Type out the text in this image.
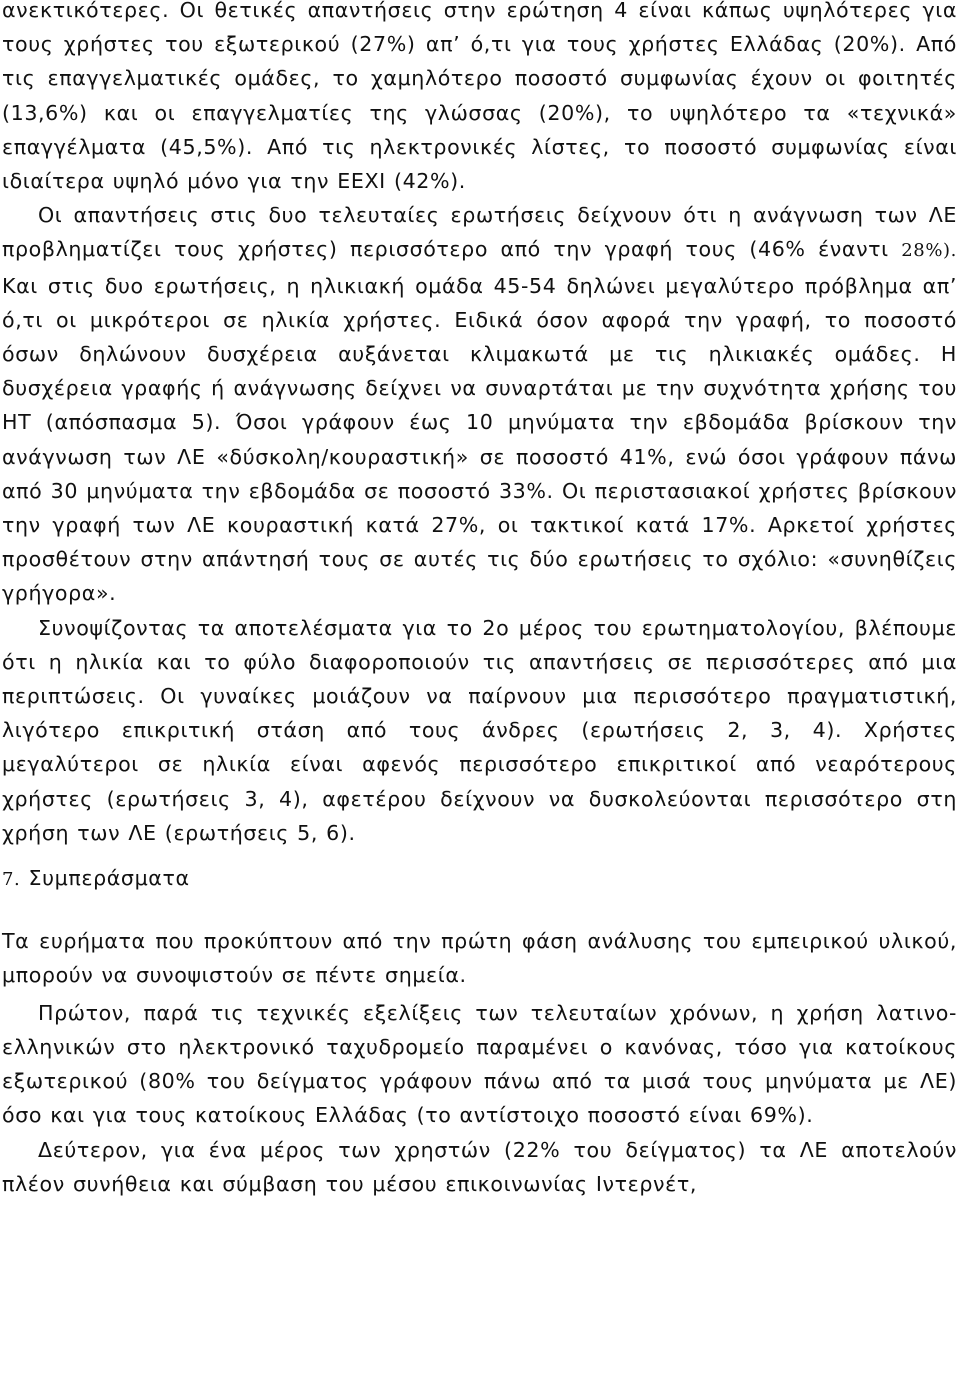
ανεκτικότερες. Οι θετικές απαντήσεις στην ερώτηση 4 είναι κάπως υψηλότερες για τους χρήστες του εξωτερικού (27%) απ’ ό,τι για τους χρήστες Ελλάδας (20%). Από τις επαγγελματικές ομάδες, το χαμηλότερο ποσοστό συμφωνίας έχουν οι φοιτητές (13,6%) και οι επαγγελματίες της γλώσσας (20%), το υψηλότερο τα «τεχνικά» επαγγέλματα (45,5%). Από τις ηλεκτρονικές λίστες, το ποσοστό συμφωνίας είναι ιδιαίτερα υψηλό μόνο για την EEXI (42%).

Οι απαντήσεις στις δυο τελευταίες ερωτήσεις δείχνουν ότι η ανάγνωση των ΛΕ προβληματίζει τους χρήστες) περισσότερο από την γραφή τους (46% έναντι 28%). Και στις δυο ερωτήσεις, η ηλικιακή ομάδα 45-54 δηλώνει μεγαλύτερο πρόβλημα απ’ ό,τι οι μικρότεροι σε ηλικία χρήστες. Ειδικά όσον αφορά την γραφή, το ποσοστό όσων δηλώνουν δυσχέρεια αυξάνεται κλιμακωτά με τις ηλικιακές ομάδες. Η δυσχέρεια γραφής ή ανάγνωσης δείχνει να συναρτάται με την συχνότητα χρήσης του ΗΤ (απόσπασμα 5). Όσοι γράφουν έως 10 μηνύματα την εβδομάδα βρίσκουν την ανάγνωση των ΛΕ «δύσκολη/κουραστική» σε ποσοστό 41%, ενώ όσοι γράφουν πάνω από 30 μηνύματα την εβδομάδα σε ποσοστό 33%. Οι περιστασιακοί χρήστες βρίσκουν την γραφή των ΛΕ κουραστική κατά 27%, οι τακτικοί κατά 17%. Αρκετοί χρήστες προσθέτουν στην απάντησή τους σε αυτές τις δύο ερωτήσεις το σχόλιο: «συνηθίζεις γρήγορα».

Συνοψίζοντας τα αποτελέσματα για το 2ο μέρος του ερωτηματολογίου, βλέπουμε ότι η ηλικία και το φύλο διαφοροποιούν τις απαντήσεις σε περισσότερες από μια περιπτώσεις. Οι γυναίκες μοιάζουν να παίρνουν μια περισσότερο πραγματιστική, λιγότερο επικριτική στάση από τους άνδρες (ερωτήσεις 2, 3, 4). Χρήστες μεγαλύτεροι σε ηλικία είναι αφενός περισσότερο επικριτικοί από νεαρότερους χρήστες (ερωτήσεις 3, 4), αφετέρου δείχνουν να δυσκολεύονται περισσότερο στη χρήση των ΛΕ (ερωτήσεις 5, 6).

7. Συμπεράσματα

Τα ευρήματα που προκύπτουν από την πρώτη φάση ανάλυσης του εμπειρικού υλικού, μπορούν να συνοψιστούν σε πέντε σημεία.

Πρώτον, παρά τις τεχνικές εξελίξεις των τελευταίων χρόνων, η χρήση λατινο-ελληνικών στο ηλεκτρονικό ταχυδρομείο παραμένει ο κανόνας, τόσο για κατοίκους εξωτερικού (80% του δείγματος γράφουν πάνω από τα μισά τους μηνύματα με ΛΕ) όσο και για τους κατοίκους Ελλάδας (το αντίστοιχο ποσοστό είναι 69%).

Δεύτερον, για ένα μέρος των χρηστών (22% του δείγματος) τα ΛΕ αποτελούν πλέον συνήθεια και σύμβαση του μέσου επικοινωνίας Ιντερνέτ,
